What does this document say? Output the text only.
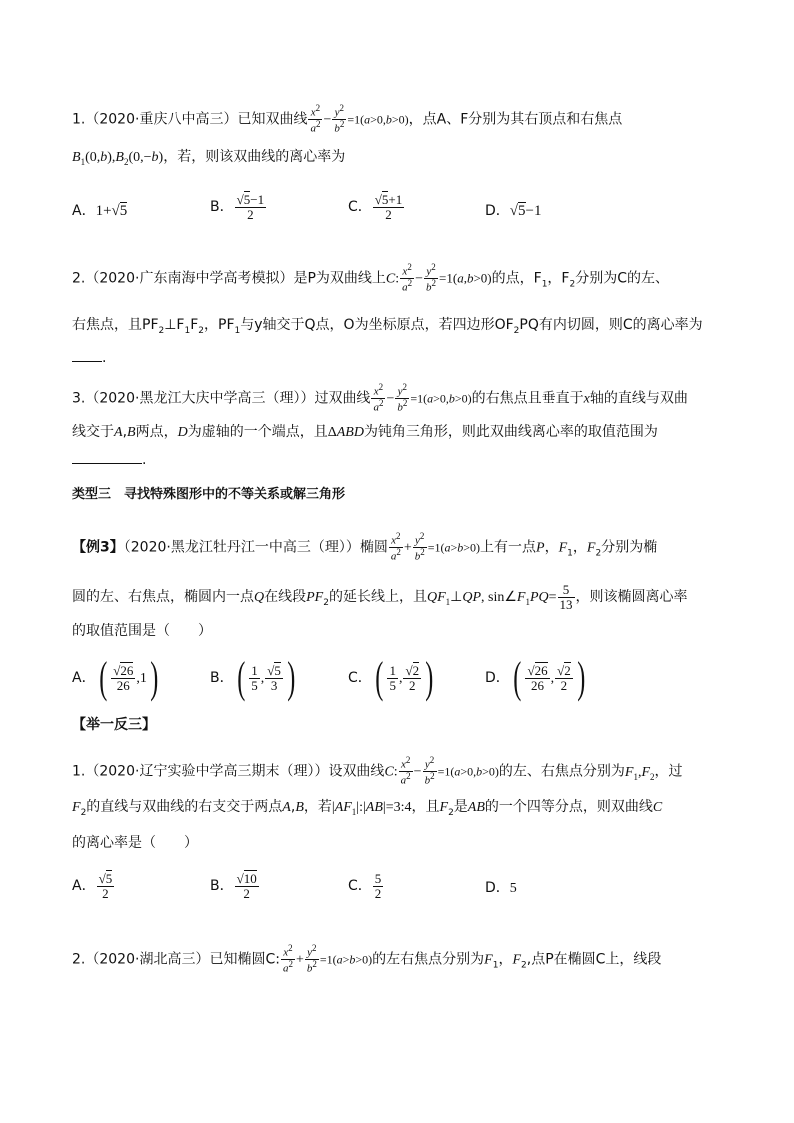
1.（2020·重庆八中高三）已知双曲线 $\frac{x^2}{a^2} - \frac{y^2}{b^2} =1(a>0,b>0)$，点A、F分别为其右顶点和右焦点
$B_1(0,b),B_2(0,-b)$，若，则该双曲线的离心率为
A．1+√5	B． $\frac{√5-1}{2}$	C． $\frac{√5+1}{2}$	D．√5−1
2.（2020·广东南海中学高考模拟）是P为双曲线上C: $\frac{x^2}{a^2} - \frac{y^2}{b^2} =1(a,b>0)$的点，$F_1$，$F_2$分别为C的左、
右焦点，且$PF_2\perp F_1F_2$，$PF_1$与y轴交于Q点，O为坐标原点，若四边形$OF_2PQ$有内切圆，则C的离心率为
.
3.（2020·黑龙江大庆中学高三（理））过双曲线 $\frac{x^2}{a^2} - \frac{y^2}{b^2} =1(a>0,b>0)$的右焦点且垂直于x轴的直线与双曲
线交于A,B两点，D为虚轴的一个端点，且ΔABD为钝角三角形，则此双曲线离心率的取值范围为
.
类型三　寻找特殊图形中的不等关系或解三角形
【例3】（2020·黑龙江牡丹江一中高三（理））椭圆 $\frac{x^2}{a^2} + \frac{y^2}{b^2} =1(a>b>0)$上有一点P，$F_1$，$F_2$分别为椭
圆的左、右焦点，椭圆内一点Q在线段$PF_2$的延长线上，且$QF_1\perp QP$, $\sin\angle F_1PQ= \frac{5}{13}$ ，则该椭圆离心率
的取值范围是（　　）
A．( $\frac{√26}{26} ,1$)	B．( $\frac{1}{5}$ , $\frac{√5}{3}$ )	C．( $\frac{1}{5}$ , $\frac{√2}{2}$ )	D．( $\frac{√26}{26}$ , $\frac{√2}{2}$ )
【举一反三】
1.（2020·辽宁实验中学高三期末（理））设双曲线C: $\frac{x^2}{a^2} - \frac{y^2}{b^2} =1(a>0,b>0)$的左、右焦点分别为$F_1,F_2$，过
$F_2$的直线与双曲线的右支交于两点A,B，若$|AF_1|:|AB|=3:4$，且$F_2$是AB的一个四等分点，则双曲线C
的离心率是（　　）
A． $\frac{√5}{2}$	B． $\frac{√10}{2}$	C． $\frac{5}{2}$	D．5
2.（2020·湖北高三）已知椭圆C: $\frac{x^2}{a^2} + \frac{y^2}{b^2} =1(a>b>0)$的左右焦点分别为$F_1$，$F_2$,点P在椭圆C上，线段
